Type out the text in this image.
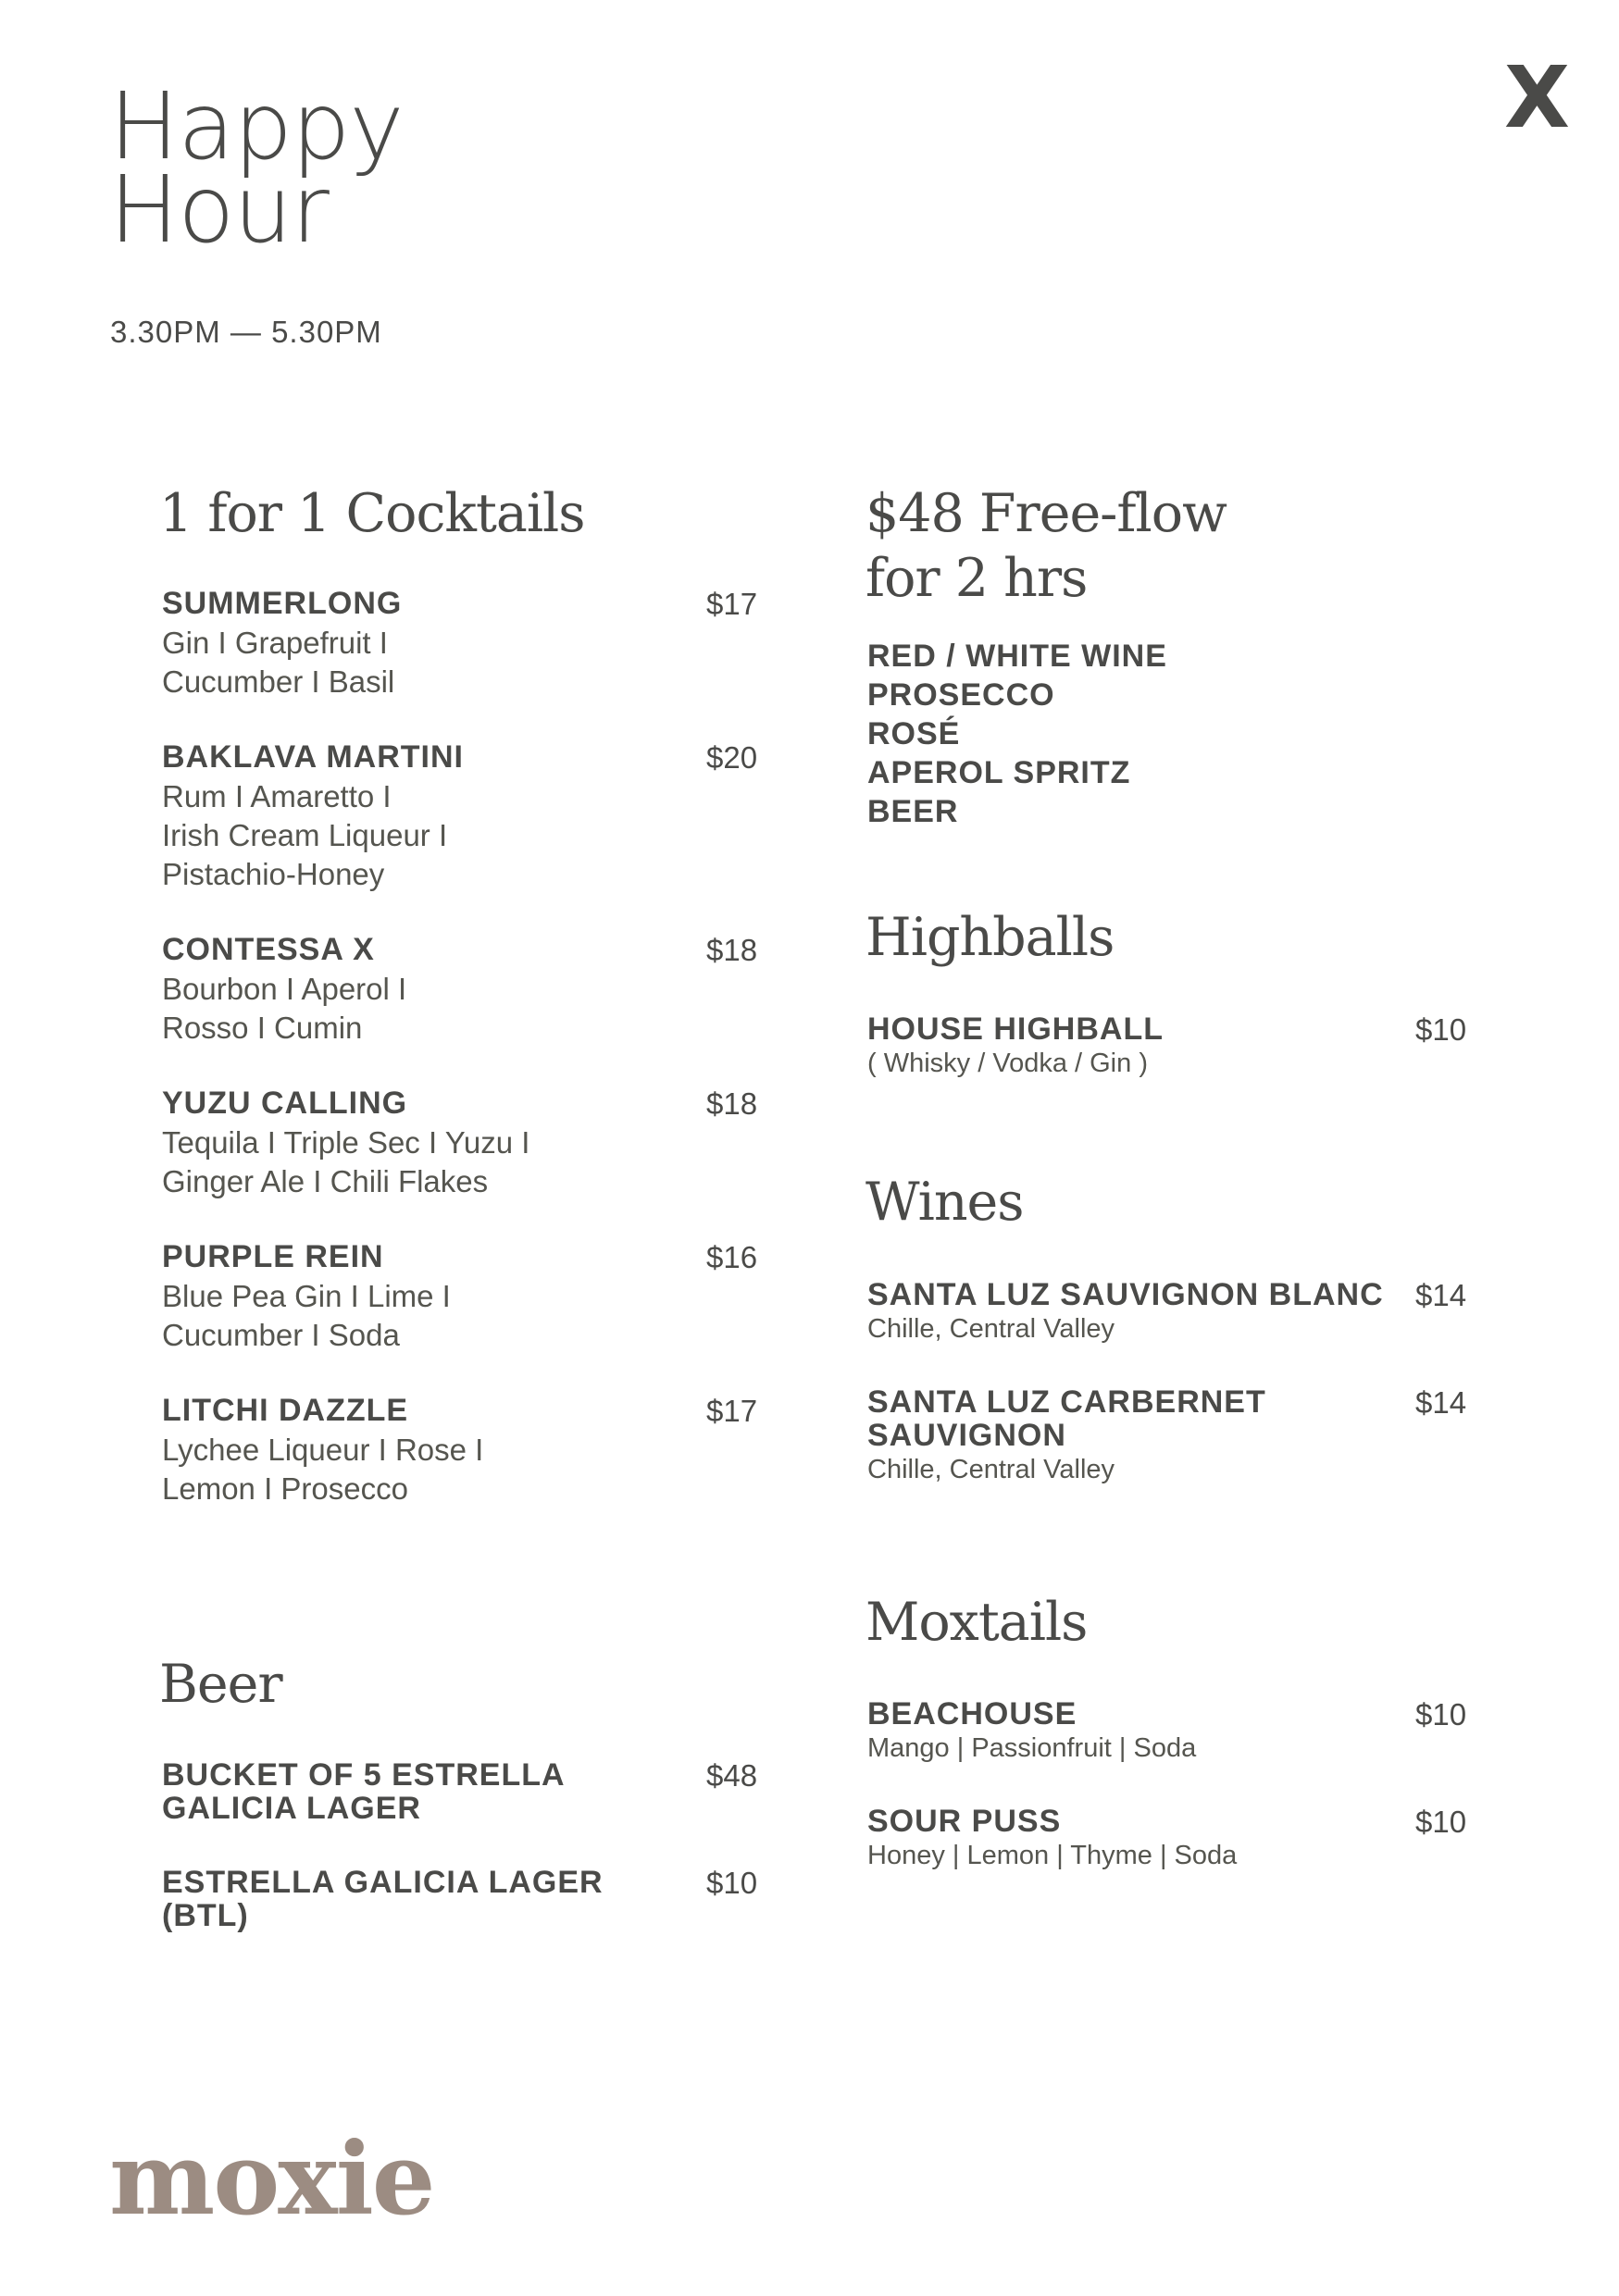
Happy
Hour
3.30PM — 5.30PM
X
1 for 1 Cocktails
SUMMERLONG	$17
Gin I Grapefruit I
Cucumber I Basil
BAKLAVA MARTINI	$20
Rum I Amaretto I
Irish Cream Liqueur I
Pistachio-Honey
CONTESSA X	$18
Bourbon I Aperol I
Rosso I Cumin
YUZU CALLING	$18
Tequila I Triple Sec I Yuzu I
Ginger Ale I Chili Flakes
PURPLE REIN	$16
Blue Pea Gin I Lime I
Cucumber I Soda
LITCHI DAZZLE	$17
Lychee Liqueur I Rose I
Lemon I Prosecco
Beer
BUCKET OF 5 ESTRELLA GALICIA LAGER
$48
ESTRELLA GALICIA LAGER (BTL)
$10
$48 Free-flow
for 2 hrs
RED / WHITE WINE
PROSECCO
ROSÉ
APEROL SPRITZ
BEER
Highballs
HOUSE HIGHBALL	$10
( Whisky / Vodka / Gin )
Wines
SANTA LUZ SAUVIGNON BLANC $14
Chille, Central Valley
SANTA LUZ CARBERNET SAUVIGNON
$14
Chille, Central Valley
Moxtails
BEACHOUSE	$10
Mango | Passionfruit | Soda
SOUR PUSS	$10
Honey | Lemon | Thyme | Soda
moxie
